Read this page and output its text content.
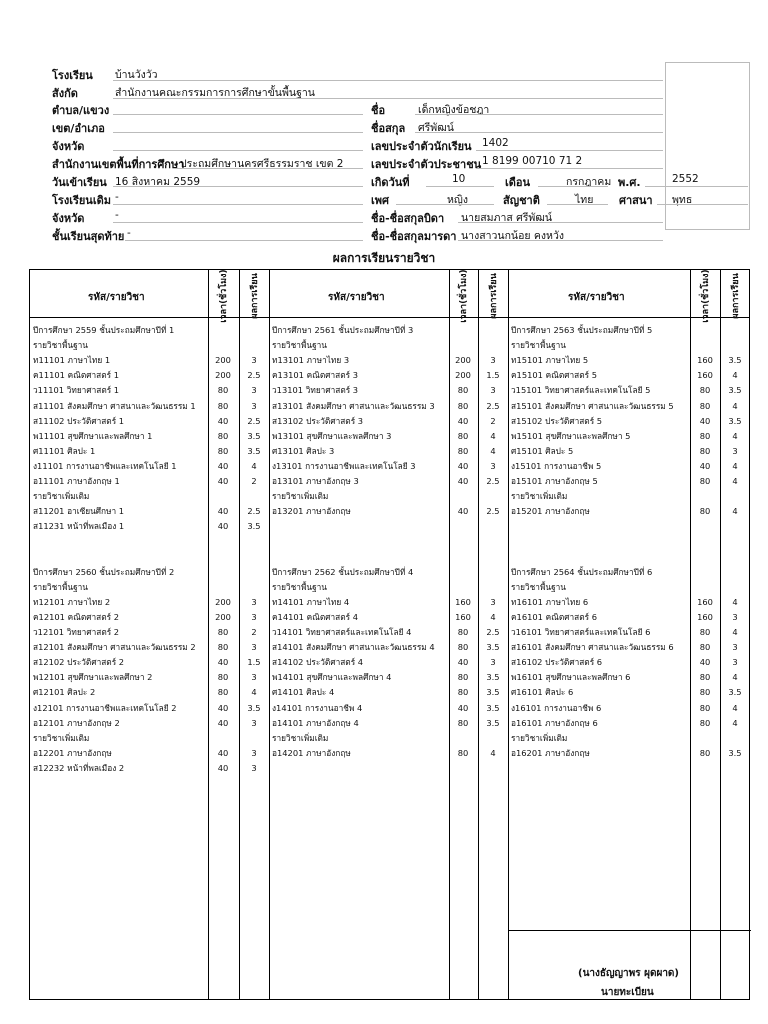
โรงเรียน บ้านวังวัว
สังกัด	สำนักงานคณะกรรมการการศึกษาขั้นพื้นฐาน
ตำบล/แขวง	ชื่อ	เด็กหญิงข้อชฎา
เขต/อำเภอ	ชื่อสกุล ศรีพัฒน์
จังหวัด	เลขประจำตัวนักเรียน 1402
สำนักงานเขตพื้นที่การศึกษา
ประถมศึกษานครศรีธรรมราช เขต 2	เลขประจำตัวประชาชน 1 8199 00710 71 2
วันเข้าเรียน 16 สิงหาคม 2559	เกิดวันที่	10	เดือน	กรกฎาคม พ.ศ.	2552
โรงเรียนเดิม -	เพศ	หญิง	สัญชาติ	ไทย ศาสนา พุทธ
จังหวัด	-	ชื่อ-ชื่อสกุลบิดา นายสมภาส ศรีพัฒน์
ชั้นเรียนสุดท้าย -	ชื่อ-ชื่อสกุลมารดา นางสาวนกน้อย คงหวัง
ผลการเรียนรายวิชา
รหัส/รายวิชา	รหัส/รายวิชา	รหัส/รายวิชา
เวลา(ชั่วโมง)	ผลการเรียน	เวลา(ชั่วโมง)	ผลการเรียน	เวลา(ชั่วโมง)	ผลการเรียน
(นางธัญญาพร ผุดผาด)
นายทะเบียน
ปีการศึกษา 2559 ชั้นประถมศึกษาปีที่ 1
รายวิชาพื้นฐาน
ท11101 ภาษาไทย 1	200	3
ค11101 คณิตศาสตร์ 1	200	2.5
ว11101 วิทยาศาสตร์ 1	80	3
ส11101 สังคมศึกษา ศาสนาและวัฒนธรรม 1	80	3
ส11102 ประวัติศาสตร์ 1	40	2.5
พ11101 สุขศึกษาและพลศึกษา 1	80	3.5
ศ11101 ศิลปะ 1	80	3.5
ง11101 การงานอาชีพและเทคโนโลยี 1	40	4
อ11101 ภาษาอังกฤษ 1	40	2
รายวิชาเพิ่มเติม
ส11201 อาเซียนศึกษา 1	40	2.5
ส11231 หน้าที่พลเมือง 1	40	3.5
ปีการศึกษา 2560 ชั้นประถมศึกษาปีที่ 2
รายวิชาพื้นฐาน
ท12101 ภาษาไทย 2	200	3
ค12101 คณิตศาสตร์ 2	200	3
ว12101 วิทยาศาสตร์ 2	80	2
ส12101 สังคมศึกษา ศาสนาและวัฒนธรรม 2	80	3
ส12102 ประวัติศาสตร์ 2	40	1.5
พ12101 สุขศึกษาและพลศึกษา 2	80	3
ศ12101 ศิลปะ 2	80	4
ง12101 การงานอาชีพและเทคโนโลยี 2	40	3.5
อ12101 ภาษาอังกฤษ 2	40	3
รายวิชาเพิ่มเติม
อ12201 ภาษาอังกฤษ	40	3
ส12232 หน้าที่พลเมือง 2	40	3
ปีการศึกษา 2561 ชั้นประถมศึกษาปีที่ 3
รายวิชาพื้นฐาน
ท13101 ภาษาไทย 3	200	3
ค13101 คณิตศาสตร์ 3	200	1.5
ว13101 วิทยาศาสตร์ 3	80	3
ส13101 สังคมศึกษา ศาสนาและวัฒนธรรม 3	80	2.5
ส13102 ประวัติศาสตร์ 3	40	2
พ13101 สุขศึกษาและพลศึกษา 3	80	4
ศ13101 ศิลปะ 3	80	4
ง13101 การงานอาชีพและเทคโนโลยี 3	40	3
อ13101 ภาษาอังกฤษ 3	40	2.5
รายวิชาเพิ่มเติม
อ13201 ภาษาอังกฤษ	40	2.5
ปีการศึกษา 2562 ชั้นประถมศึกษาปีที่ 4
รายวิชาพื้นฐาน
ท14101 ภาษาไทย 4	160	3
ค14101 คณิตศาสตร์ 4	160	4
ว14101 วิทยาศาสตร์และเทคโนโลยี 4	80	2.5
ส14101 สังคมศึกษา ศาสนาและวัฒนธรรม 4	80	3.5
ส14102 ประวัติศาสตร์ 4	40	3
พ14101 สุขศึกษาและพลศึกษา 4	80	3.5
ศ14101 ศิลปะ 4	80	3.5
ง14101 การงานอาชีพ 4	40	3.5
อ14101 ภาษาอังกฤษ 4	80	3.5
รายวิชาเพิ่มเติม
อ14201 ภาษาอังกฤษ	80	4
ปีการศึกษา 2563 ชั้นประถมศึกษาปีที่ 5
รายวิชาพื้นฐาน
ท15101 ภาษาไทย 5	160	3.5
ค15101 คณิตศาสตร์ 5	160	4
ว15101 วิทยาศาสตร์และเทคโนโลยี 5	80	3.5
ส15101 สังคมศึกษา ศาสนาและวัฒนธรรม 5	80	4
ส15102 ประวัติศาสตร์ 5	40	3.5
พ15101 สุขศึกษาและพลศึกษา 5	80	4
ศ15101 ศิลปะ 5	80	3
ง15101 การงานอาชีพ 5	40	4
อ15101 ภาษาอังกฤษ 5	80	4
รายวิชาเพิ่มเติม
อ15201 ภาษาอังกฤษ	80	4
ปีการศึกษา 2564 ชั้นประถมศึกษาปีที่ 6
รายวิชาพื้นฐาน
ท16101 ภาษาไทย 6	160	4
ค16101 คณิตศาสตร์ 6	160	3
ว16101 วิทยาศาสตร์และเทคโนโลยี 6	80	4
ส16101 สังคมศึกษา ศาสนาและวัฒนธรรม 6	80	3
ส16102 ประวัติศาสตร์ 6	40	3
พ16101 สุขศึกษาและพลศึกษา 6	80	4
ศ16101 ศิลปะ 6	80	3.5
ง16101 การงานอาชีพ 6	80	4
อ16101 ภาษาอังกฤษ 6	80	4
รายวิชาเพิ่มเติม
อ16201 ภาษาอังกฤษ	80	3.5
